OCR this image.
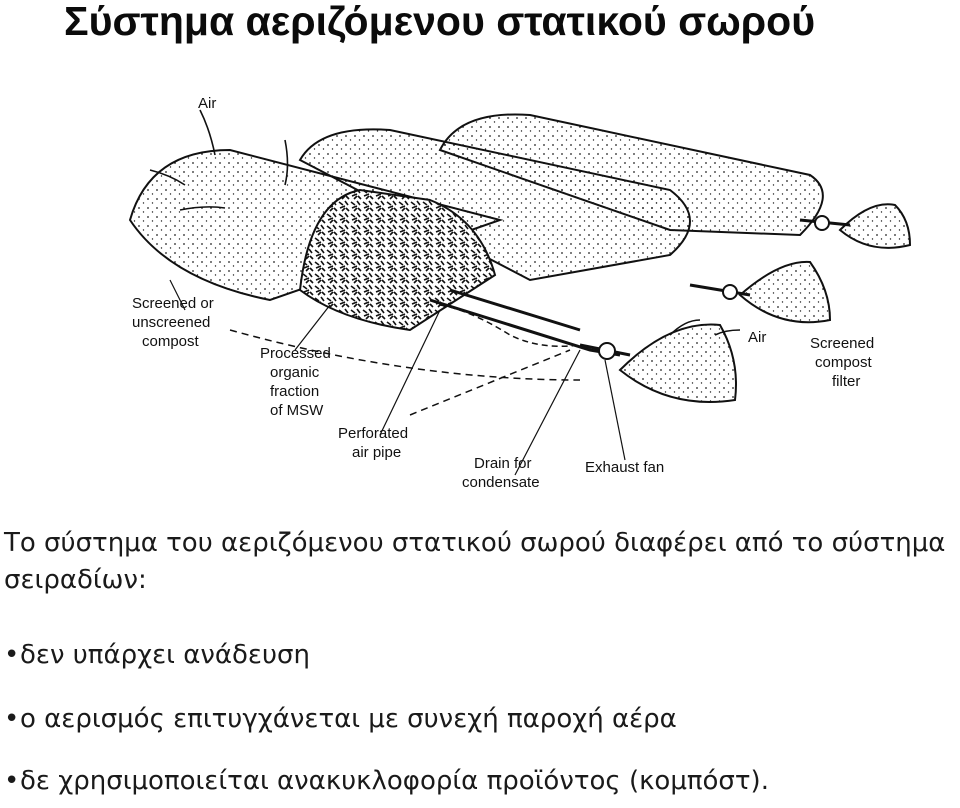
Σύστημα αεριζόμενου στατικού σωρού
Air
Screened or
unscreened
compost
Processed
organic
fraction
of MSW
Perforated
air pipe
Drain for
condensate
Exhaust fan
Air	Screened
compost
filter
Το σύστημα του αεριζόμενου στατικού σωρού διαφέρει από το σύστημα σειραδίων:
•δεν υπάρχει ανάδευση
•ο αερισμός επιτυγχάνεται με συνεχή παροχή αέρα
•δε χρησιμοποιείται ανακυκλοφορία προϊόντος (κομπόστ).
